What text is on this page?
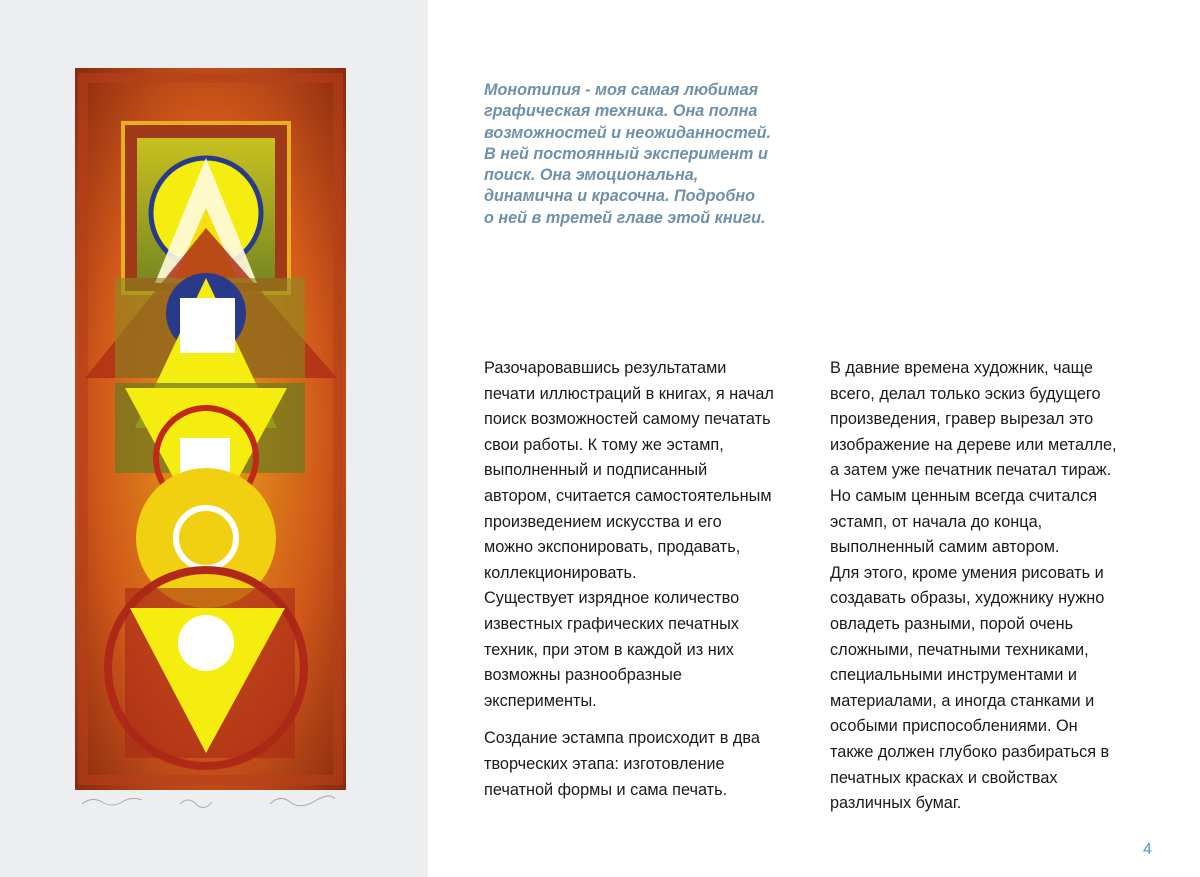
Монотипия - моя самая любимая
графическая техника. Она полна
возможностей и неожиданностей.
В ней постоянный эксперимент и
поиск. Она эмоциональна,
динамична и красочна. Подробно
о ней в третей главе этой книги.
Разочаровавшись результатами
печати иллюстраций в книгах, я начал
поиск возможностей самому печатать
свои работы. К тому же эстамп,
выполненный и подписанный
автором, считается самостоятельным
произведением искусства и его
можно экспонировать, продавать,
коллекционировать.
Существует изрядное количество
известных графических печатных
техник, при этом в каждой из них
возможны разнообразные
эксперименты.
Создание эстампа происходит в два
творческих этапа: изготовление
печатной формы и сама печать.
В давние времена художник, чаще
всего, делал только эскиз будущего
произведения, гравер вырезал это
изображение на дереве или металле,
а затем уже печатник печатал тираж.
Но самым ценным всегда считался
эстамп, от начала до конца,
выполненный самим автором.
Для этого, кроме умения рисовать и
создавать образы, художнику нужно
овладеть разными, порой очень
сложными, печатными техниками,
специальными инструментами и
материалами, а иногда станками и
особыми приспособлениями. Он
также должен глубоко разбираться в
печатных красках и свойствах
различных бумаг.
4
